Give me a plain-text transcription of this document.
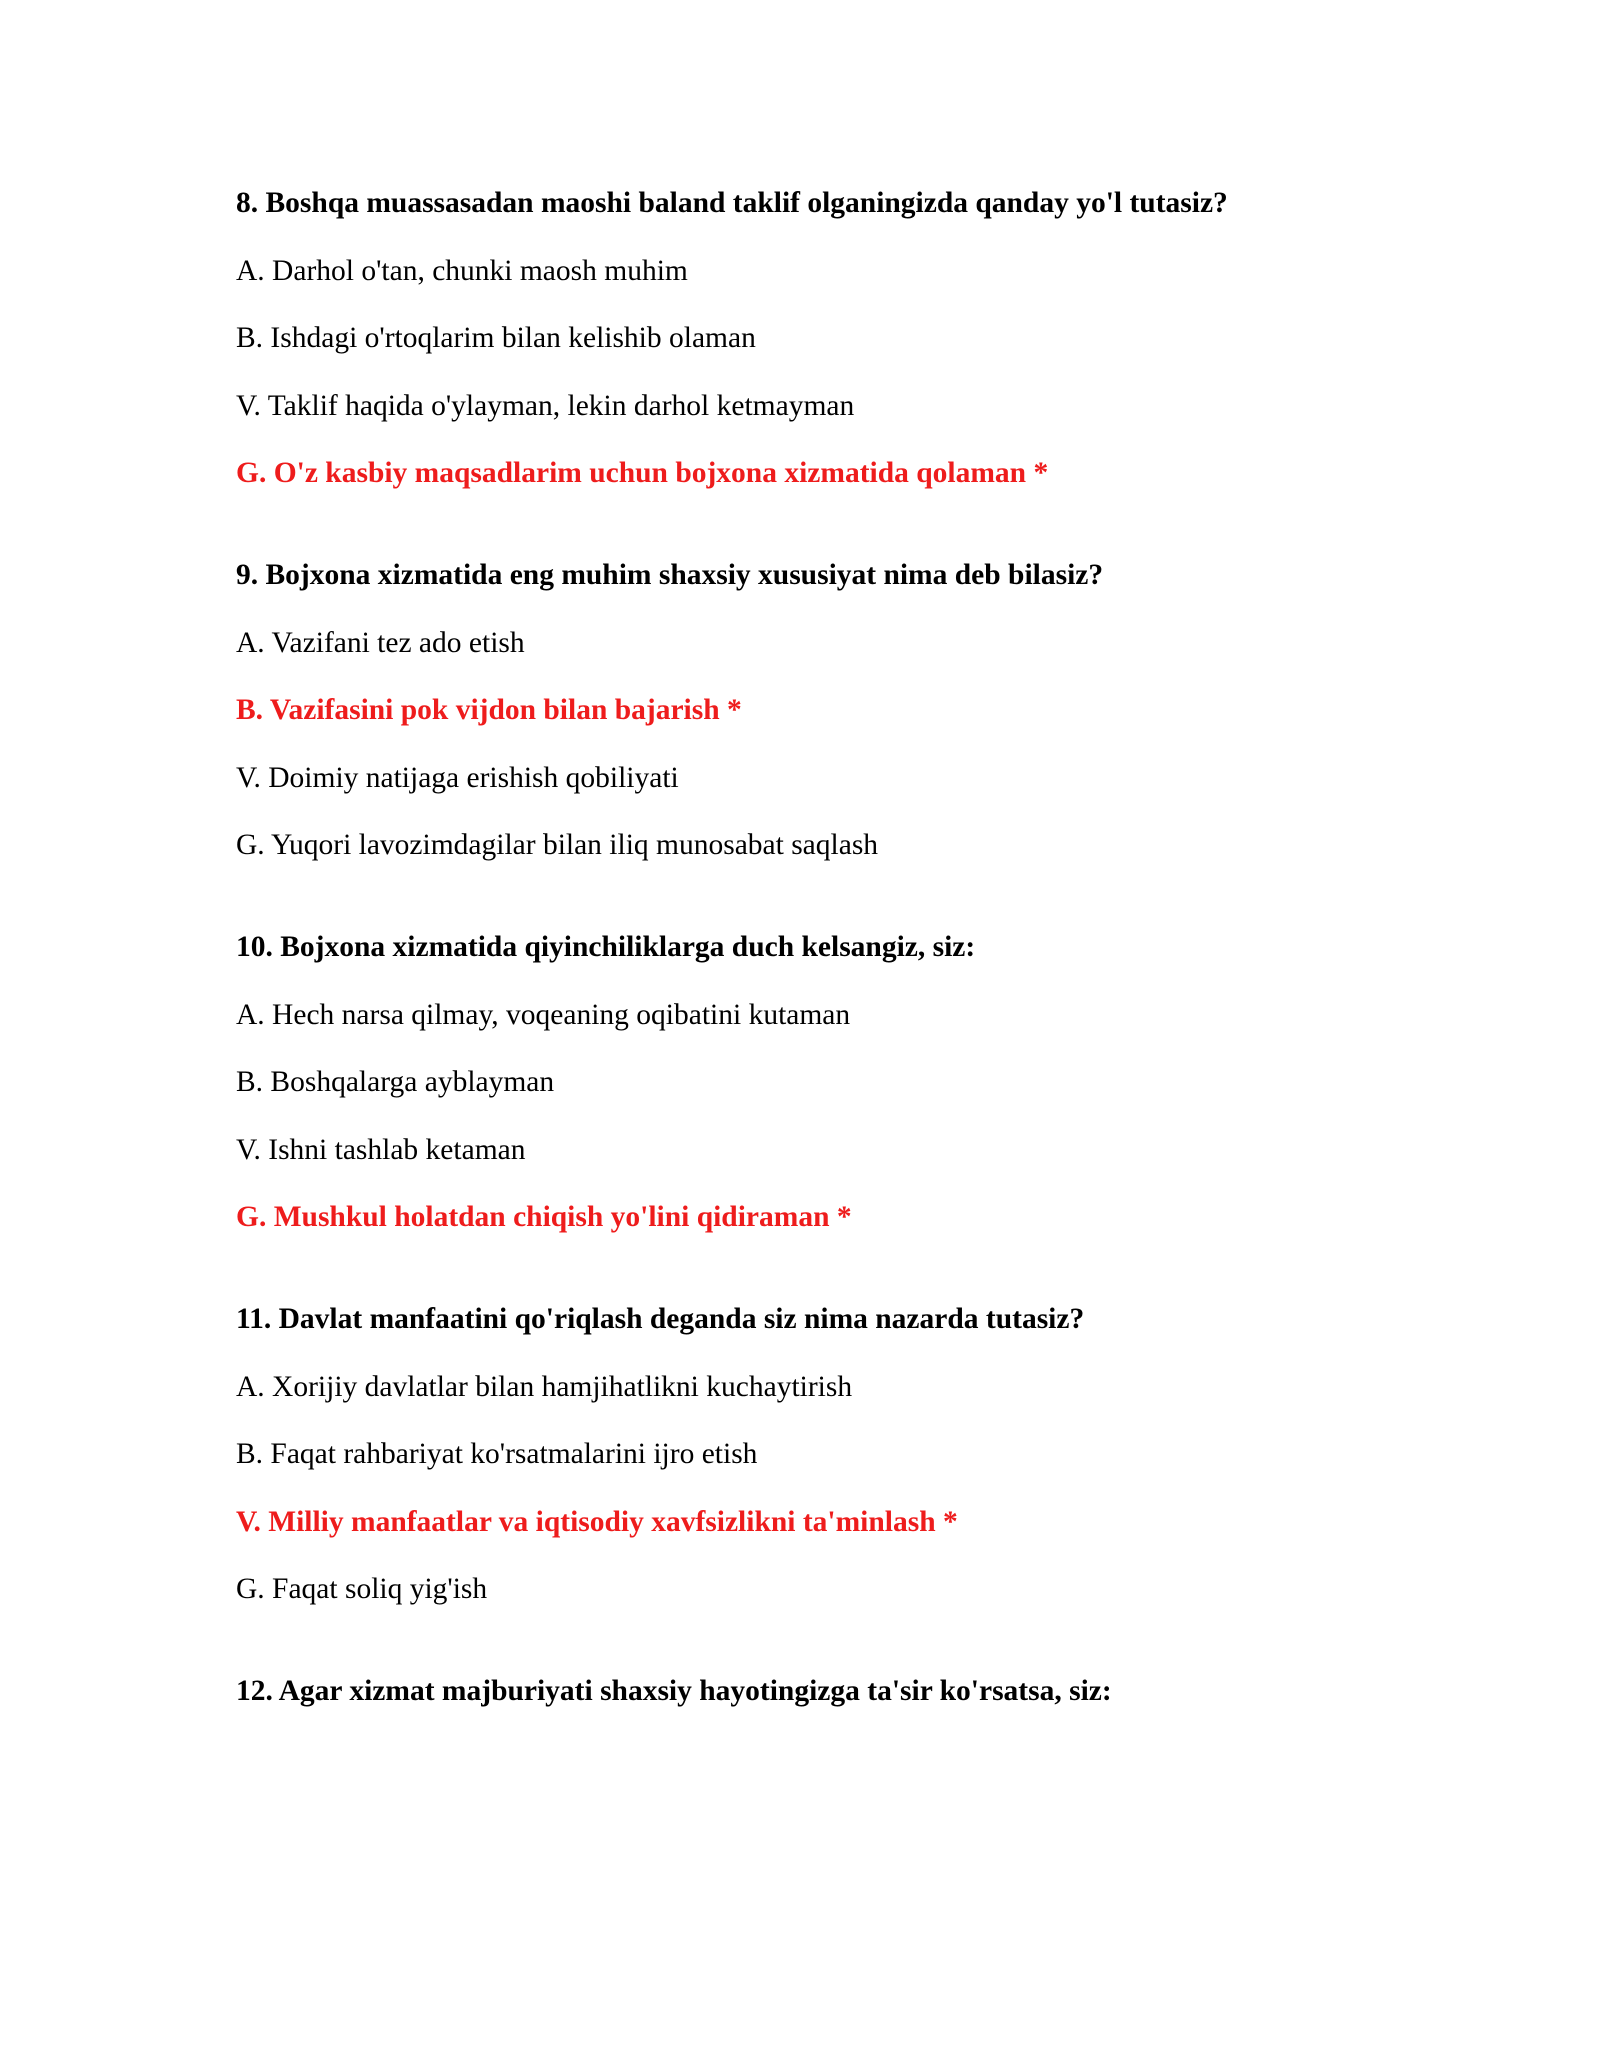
8. Boshqa muassasadan maoshi baland taklif olganingizda qanday yo'l tutasiz?
A. Darhol o'tan, chunki maosh muhim
B. Ishdagi o'rtoqlarim bilan kelishib olaman
V. Taklif haqida o'ylayman, lekin darhol ketmayman
G. O'z kasbiy maqsadlarim uchun bojxona xizmatida qolaman *
9. Bojxona xizmatida eng muhim shaxsiy xususiyat nima deb bilasiz?
A. Vazifani tez ado etish
B. Vazifasini pok vijdon bilan bajarish *
V. Doimiy natijaga erishish qobiliyati
G. Yuqori lavozimdagilar bilan iliq munosabat saqlash
10. Bojxona xizmatida qiyinchiliklarga duch kelsangiz, siz:
A. Hech narsa qilmay, voqeaning oqibatini kutaman
B. Boshqalarga ayblayman
V. Ishni tashlab ketaman
G. Mushkul holatdan chiqish yo'lini qidiraman *
11. Davlat manfaatini qo'riqlash deganda siz nima nazarda tutasiz?
A. Xorijiy davlatlar bilan hamjihatlikni kuchaytirish
B. Faqat rahbariyat ko'rsatmalarini ijro etish
V. Milliy manfaatlar va iqtisodiy xavfsizlikni ta'minlash *
G. Faqat soliq yig'ish
12. Agar xizmat majburiyati shaxsiy hayotingizga ta'sir ko'rsatsa, siz:
